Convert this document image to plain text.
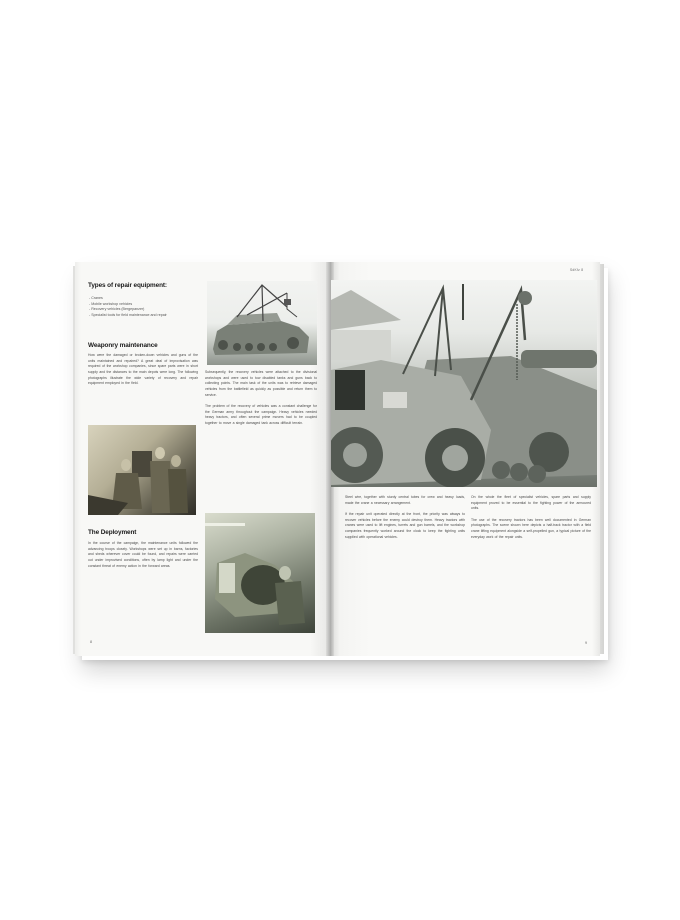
Types of repair equipment:
- Cranes
- Mobile workshop vehicles
- Recovery vehicles (Bergepanzer)
- Specialist tools for field maintenance and repair
Weaponry maintenance

How were the damaged or broken-down vehicles and guns of the units maintained and repaired? A great deal of improvisation was required of the workshop companies, since spare parts were in short supply and the distances to the main depots were long. The following photographs illustrate the wide variety of recovery and repair equipment employed in the field.

Subsequently, the recovery vehicles were attached to the divisional workshops and were used to tow disabled tanks and guns back to collecting points. The main task of the units was to retrieve damaged vehicles from the battlefield as quickly as possible and return them to service.

The problem of the recovery of vehicles was a constant challenge for the German army throughout the campaign. Heavy vehicles needed heavy tractors, and often several prime movers had to be coupled together to move a single damaged tank across difficult terrain.

The Deployment

In the course of the campaign, the maintenance units followed the advancing troops closely. Workshops were set up in barns, factories and sheds wherever cover could be found, and repairs were carried out under improvised conditions, often by lamp light and under the constant threat of enemy action in the forward areas.

8
SdKfz 8

Steel wire, together with sturdy central tubes for crew and heavy loads, made the crane a necessary arrangement.

If the repair unit operated directly at the front, the priority was always to recover vehicles before the enemy could destroy them. Heavy tractors with cranes were used to lift engines, turrets and gun barrels, and the workshop companies frequently worked around the clock to keep the fighting units supplied with operational vehicles.

On the whole the fleet of specialist vehicles, spare parts and supply equipment proved to be essential to the fighting power of the armoured units.

The use of the recovery tractors has been well documented in German photographs. The scene shown here depicts a half-track tractor with a field crane lifting equipment alongside a self-propelled gun, a typical picture of the everyday work of the repair units.

9
